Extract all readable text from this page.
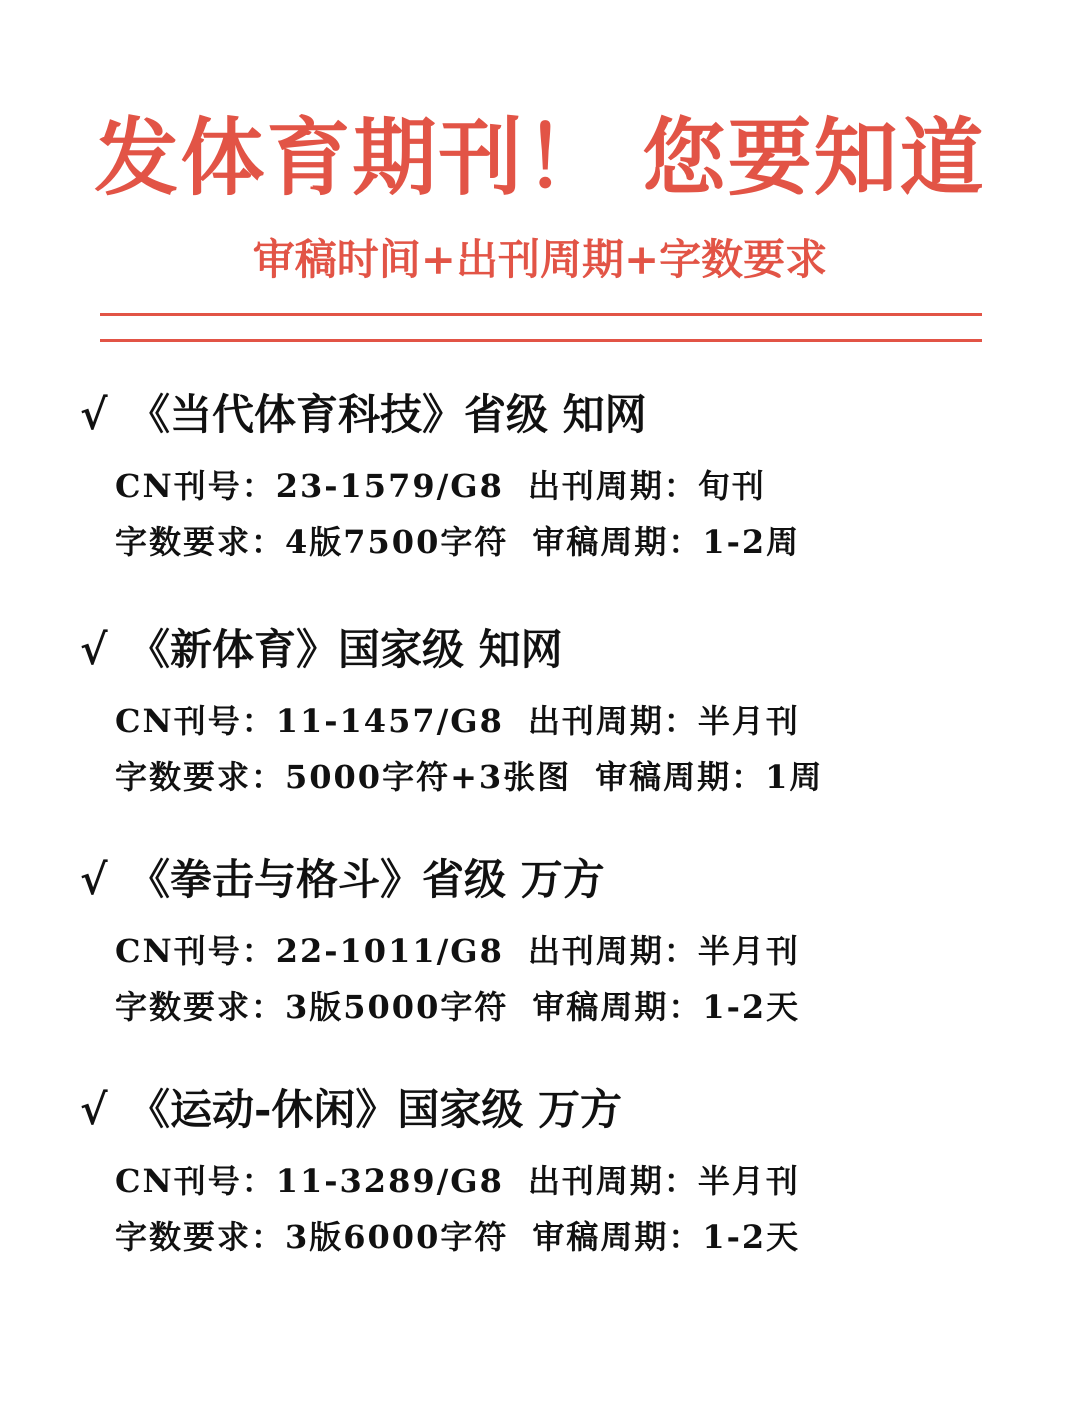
发体育期刊！ 您要知道
审稿时间+出刊周期+字数要求
√ 《当代体育科技》省级 知网
CN刊号：23-1579/G8 出刊周期：旬刊
字数要求：4版7500字符 审稿周期：1-2周
√ 《新体育》国家级 知网
CN刊号：11-1457/G8 出刊周期：半月刊
字数要求：5000字符+3张图 审稿周期：1周
√ 《拳击与格斗》省级 万方
CN刊号：22-1011/G8 出刊周期：半月刊
字数要求：3版5000字符 审稿周期：1-2天
√ 《运动-休闲》国家级 万方
CN刊号：11-3289/G8 出刊周期：半月刊
字数要求：3版6000字符 审稿周期：1-2天
